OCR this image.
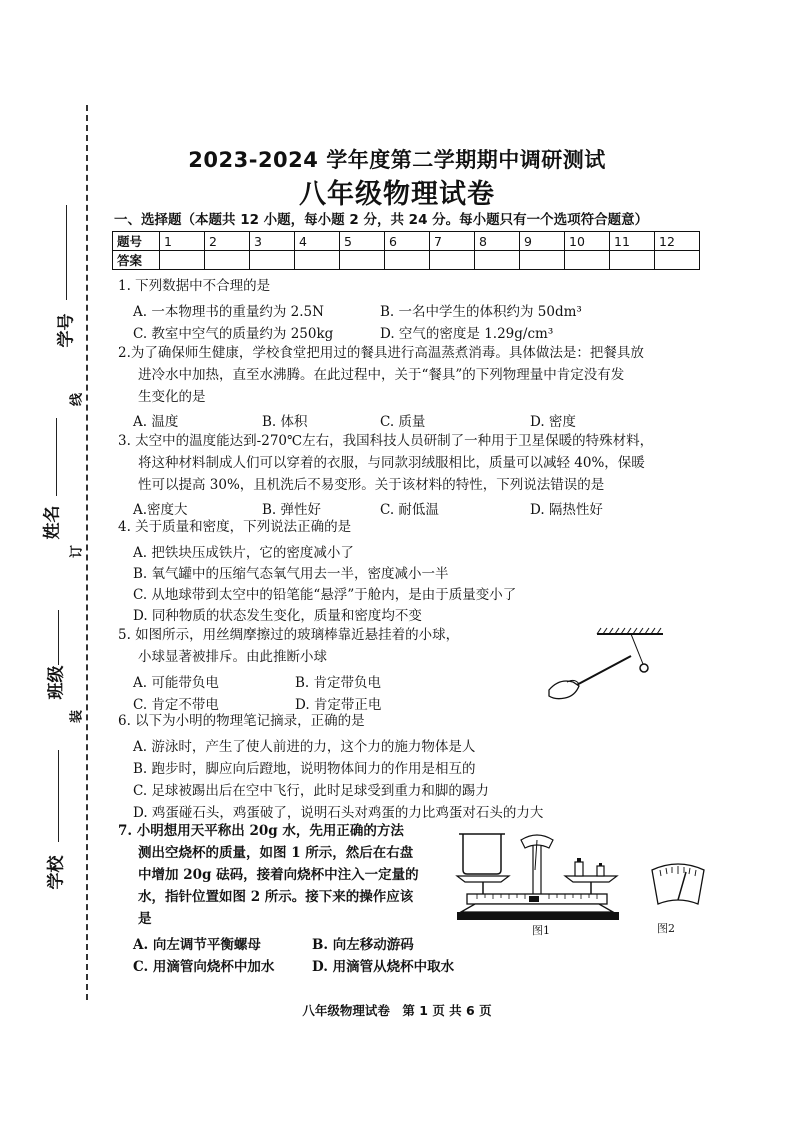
学号
姓名
班级
学校
线
订
装
2023-2024 学年度第二学期期中调研测试
八年级物理试卷
一、选择题（本题共 12 小题，每小题 2 分，共 24 分。每小题只有一个选项符合题意）
题号	1	2	3	4	5	6	7	8	9	10	11	12
答案												
1. 下列数据中不合理的是
A. 一本物理书的重量约为 2.5N	B. 一名中学生的体积约为 50dm³
C. 教室中空气的质量约为 250kg	D. 空气的密度是 1.29g/cm³
2.为了确保师生健康，学校食堂把用过的餐具进行高温蒸煮消毒。具体做法是：把餐具放
进冷水中加热，直至水沸腾。在此过程中，关于“餐具”的下列物理量中肯定没有发
生变化的是
A. 温度	B. 体积	C. 质量	D. 密度
3. 太空中的温度能达到-270℃左右，我国科技人员研制了一种用于卫星保暖的特殊材料，
将这种材料制成人们可以穿着的衣服，与同款羽绒服相比，质量可以减轻 40%，保暖
性可以提高 30%，且机洗后不易变形。关于该材料的特性，下列说法错误的是
A.密度大	B. 弹性好	C. 耐低温	D. 隔热性好
4. 关于质量和密度，下列说法正确的是
A. 把铁块压成铁片，它的密度减小了
B. 氧气罐中的压缩气态氧气用去一半，密度减小一半
C. 从地球带到太空中的铅笔能“悬浮”于舱内，是由于质量变小了
D. 同种物质的状态发生变化，质量和密度均不变
5. 如图所示，用丝绸摩擦过的玻璃棒靠近悬挂着的小球，
小球显著被排斥。由此推断小球
A. 可能带负电	B. 肯定带负电
C. 肯定不带电	D. 肯定带正电
6. 以下为小明的物理笔记摘录，正确的是
A. 游泳时，产生了使人前进的力，这个力的施力物体是人
B. 跑步时，脚应向后蹬地，说明物体间力的作用是相互的
C. 足球被踢出后在空中飞行，此时足球受到重力和脚的踢力
D. 鸡蛋碰石头，鸡蛋破了，说明石头对鸡蛋的力比鸡蛋对石头的力大
7. 小明想用天平称出 20g 水，先用正确的方法
测出空烧杯的质量，如图 1 所示，然后在右盘
中增加 20g 砝码，接着向烧杯中注入一定量的
水，指针位置如图 2 所示。接下来的操作应该
是
A. 向左调节平衡螺母	B. 向左移动游码
C. 用滴管向烧杯中加水	D. 用滴管从烧杯中取水
图1	图2
八年级物理试卷　第 1 页 共 6 页
